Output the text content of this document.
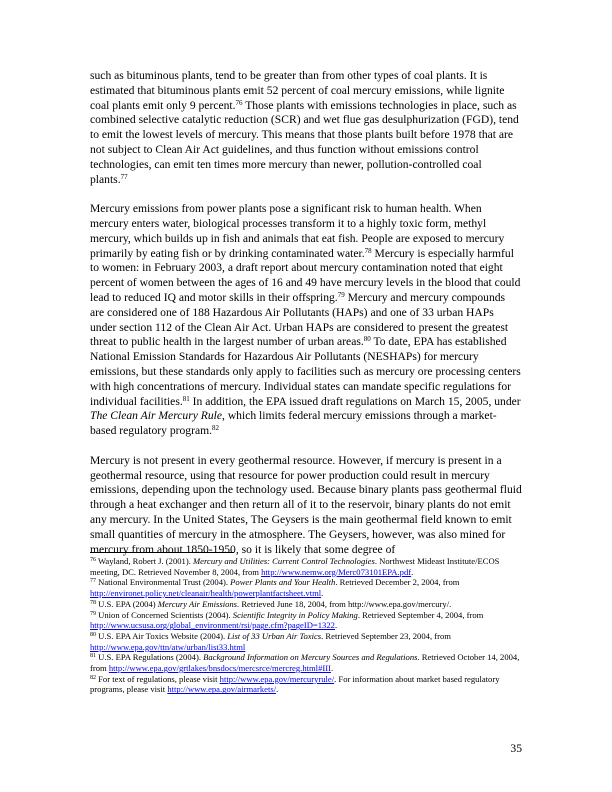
such as bituminous plants, tend to be greater than from other types of coal plants. It is estimated that bituminous plants emit 52 percent of coal mercury emissions, while lignite coal plants emit only 9 percent.$^{76}$ Those plants with emissions technologies in place, such as combined selective catalytic reduction (SCR) and wet flue gas desulphurization (FGD), tend to emit the lowest levels of mercury. This means that those plants built before 1978 that are not subject to Clean Air Act guidelines, and thus function without emissions control technologies, can emit ten times more mercury than newer, pollution-controlled coal plants.$^{77}$

Mercury emissions from power plants pose a significant risk to human health. When mercury enters water, biological processes transform it to a highly toxic form, methyl mercury, which builds up in fish and animals that eat fish. People are exposed to mercury primarily by eating fish or by drinking contaminated water.$^{78}$ Mercury is especially harmful to women: in February 2003, a draft report about mercury contamination noted that eight percent of women between the ages of 16 and 49 have mercury levels in the blood that could lead to reduced IQ and motor skills in their offspring.$^{79}$ Mercury and mercury compounds are considered one of 188 Hazardous Air Pollutants (HAPs) and one of 33 urban HAPs under section 112 of the Clean Air Act. Urban HAPs are considered to present the greatest threat to public health in the largest number of urban areas.$^{80}$ To date, EPA has established National Emission Standards for Hazardous Air Pollutants (NESHAPs) for mercury emissions, but these standards only apply to facilities such as mercury ore processing centers with high concentrations of mercury. Individual states can mandate specific regulations for individual facilities.$^{81}$ In addition, the EPA issued draft regulations on March 15, 2005, under The Clean Air Mercury Rule, which limits federal mercury emissions through a market-based regulatory program.$^{82}$

Mercury is not present in every geothermal resource. However, if mercury is present in a geothermal resource, using that resource for power production could result in mercury emissions, depending upon the technology used. Because binary plants pass geothermal fluid through a heat exchanger and then return all of it to the reservoir, binary plants do not emit any mercury. In the United States, The Geysers is the main geothermal field known to emit small quantities of mercury in the atmosphere. The Geysers, however, was also mined for mercury from about 1850-1950, so it is likely that some degree of

$^{76}$ Wayland, Robert J. (2001). Mercury and Utilities: Current Control Technologies. Northwest Mideast Institute/ECOS meeting, DC. Retrieved November 8, 2004, from http://www.nemw.org/Merc073101EPA.pdf.

$^{77}$ National Environmental Trust (2004). Power Plants and Your Health. Retrieved December 2, 2004, from http://environet.policy.net/cleanair/health/powerplantfactsheet.vtml.

$^{78}$ U.S. EPA (2004) Mercury Air Emissions. Retrieved June 18, 2004, from http://www.epa.gov/mercury/.

$^{79}$ Union of Concerned Scientists (2004). Scientific Integrity in Policy Making. Retrieved September 4, 2004, from http://www.ucsusa.org/global_environment/rsi/page.cfm?pageID=1322.

$^{80}$ U.S. EPA Air Toxics Website (2004). List of 33 Urban Air Toxics. Retrieved September 23, 2004, from http://www.epa.gov/ttn/atw/urban/list33.html

$^{81}$ U.S. EPA Regulations (2004). Background Information on Mercury Sources and Regulations. Retrieved October 14, 2004, from http://www.epa.gov/grtlakes/bnsdocs/mercsrce/mercreg.html#III.

$^{82}$ For text of regulations, please visit http://www.epa.gov/mercuryrule/. For information about market based regulatory programs, please visit http://www.epa.gov/airmarkets/.

35
